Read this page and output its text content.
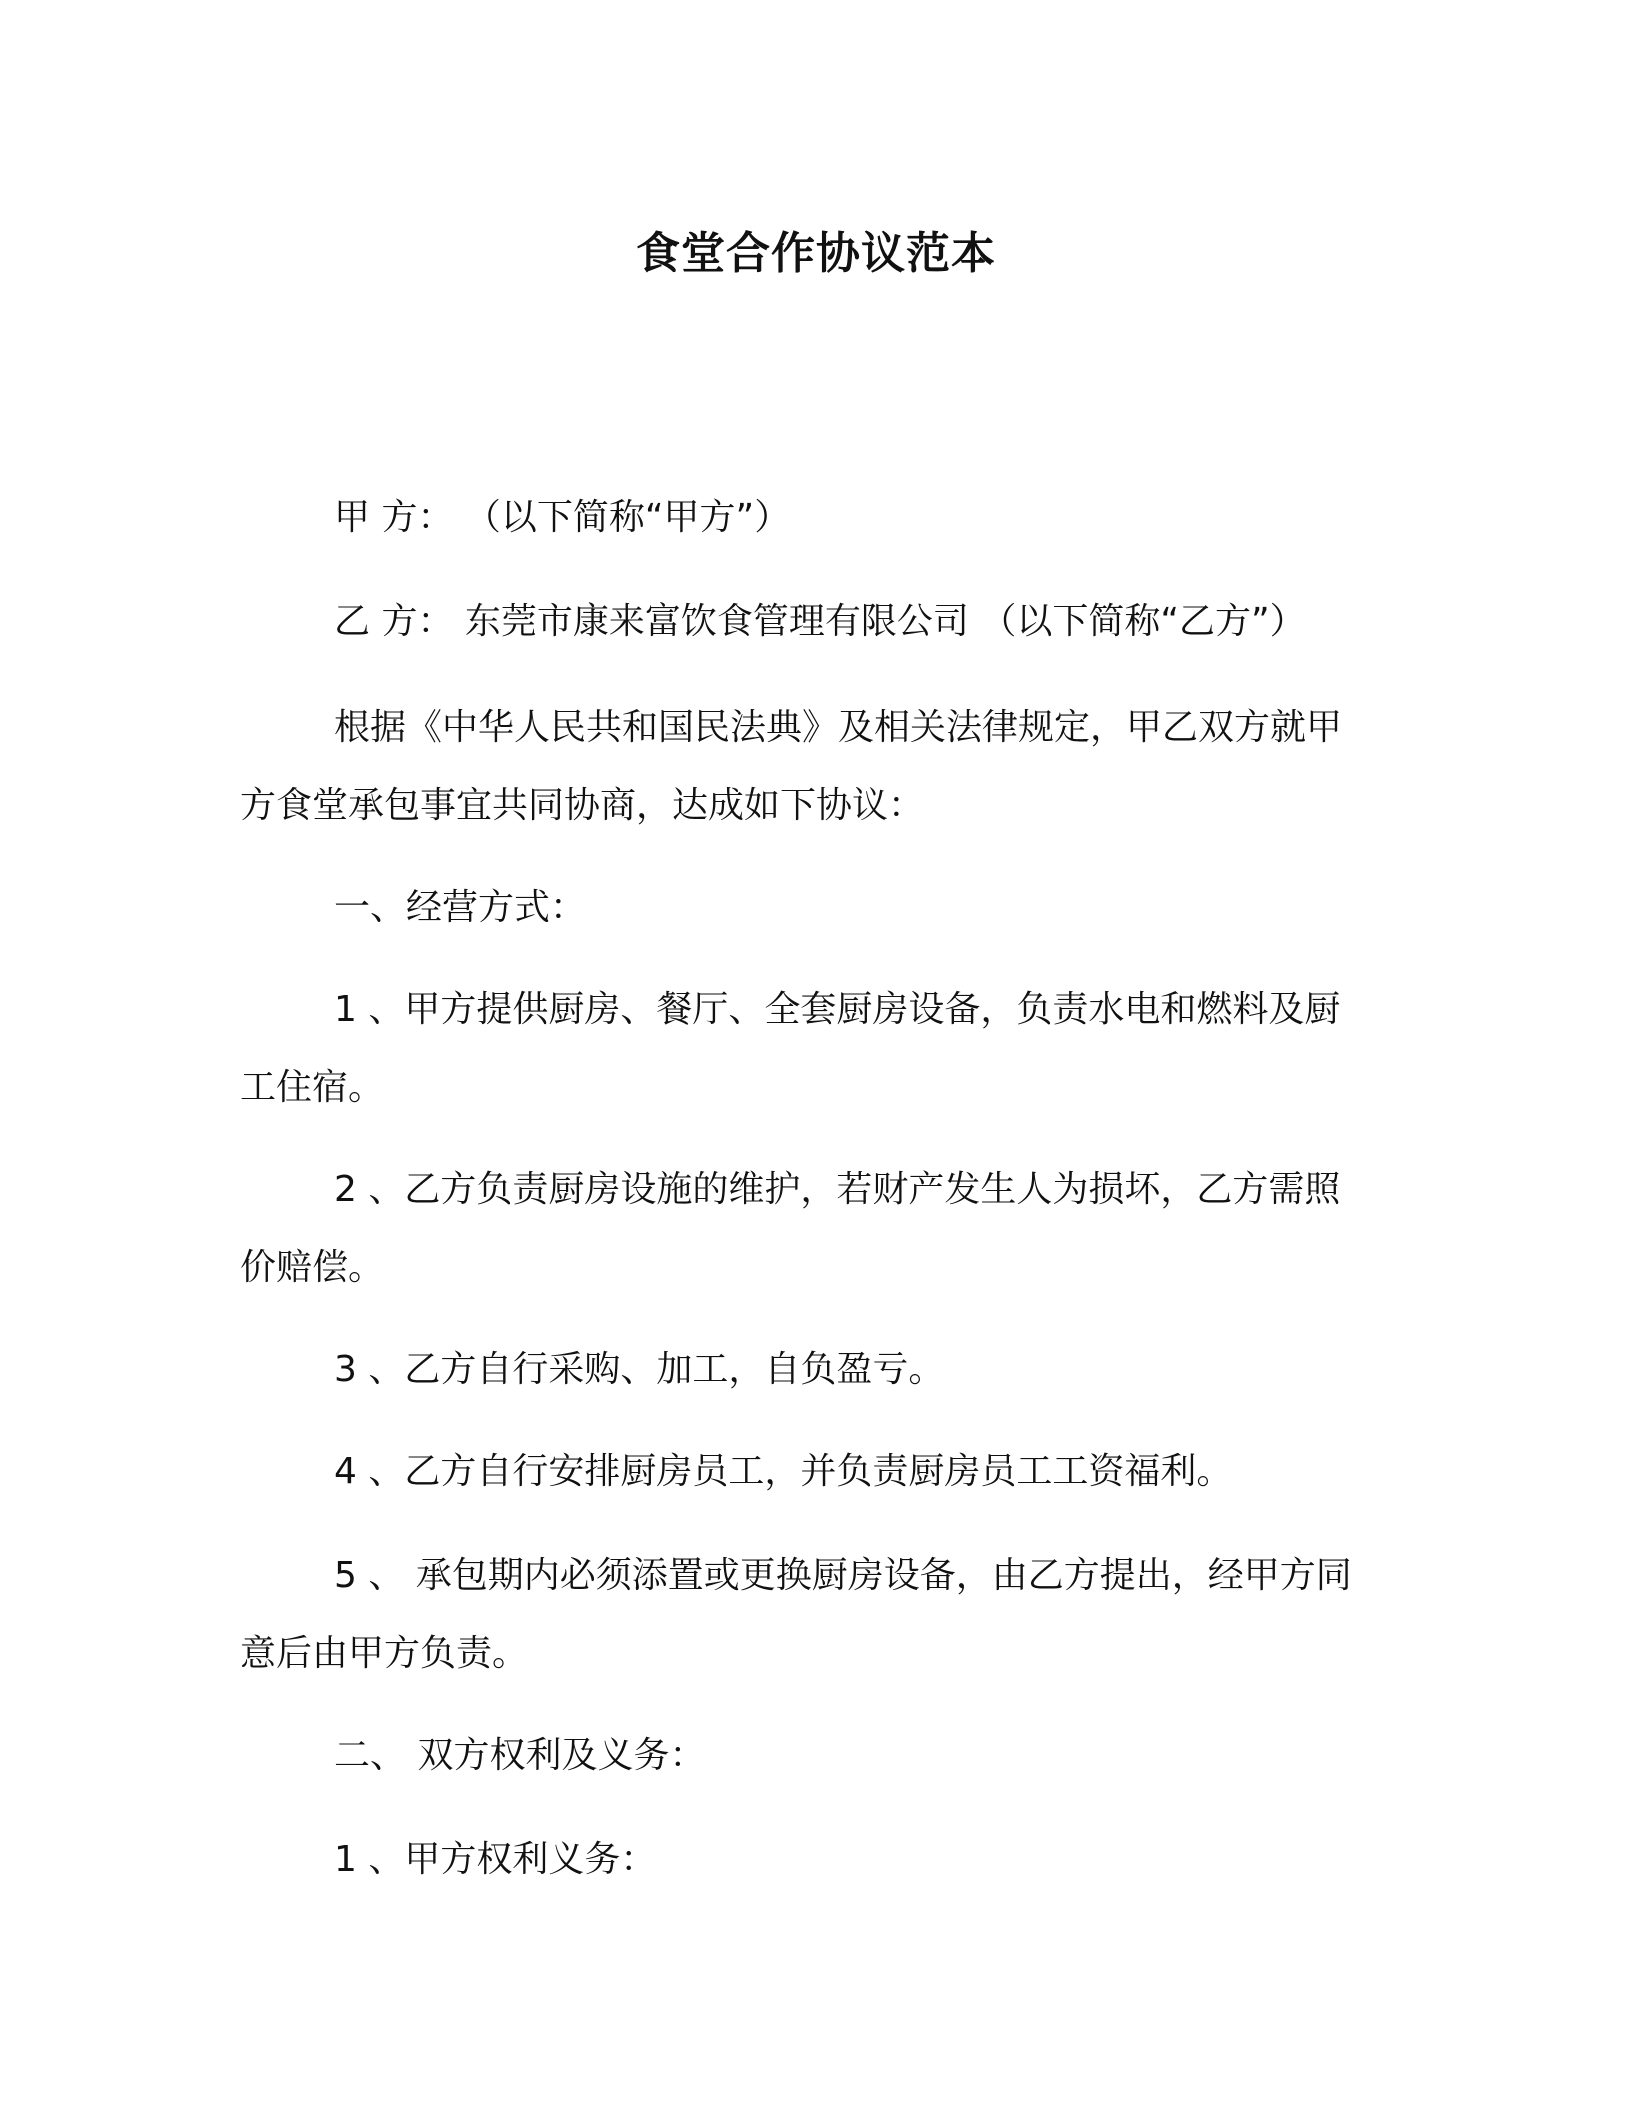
食堂合作协议范本
甲 方： （以下简称“甲方”）
乙 方： 东莞市康来富饮食管理有限公司 （以下简称“乙方”）
根据《中华人民共和国民法典》及相关法律规定，甲乙双方就甲
方食堂承包事宜共同协商，达成如下协议：
一、经营方式：
1 、甲方提供厨房、餐厅、全套厨房设备，负责水电和燃料及厨
工住宿。
2 、乙方负责厨房设施的维护，若财产发生人为损坏，乙方需照
价赔偿。
3 、乙方自行采购、加工，自负盈亏。
4 、乙方自行安排厨房员工，并负责厨房员工工资福利。
5 、 承包期内必须添置或更换厨房设备，由乙方提出，经甲方同
意后由甲方负责。
二、 双方权利及义务：
1 、甲方权利义务：
